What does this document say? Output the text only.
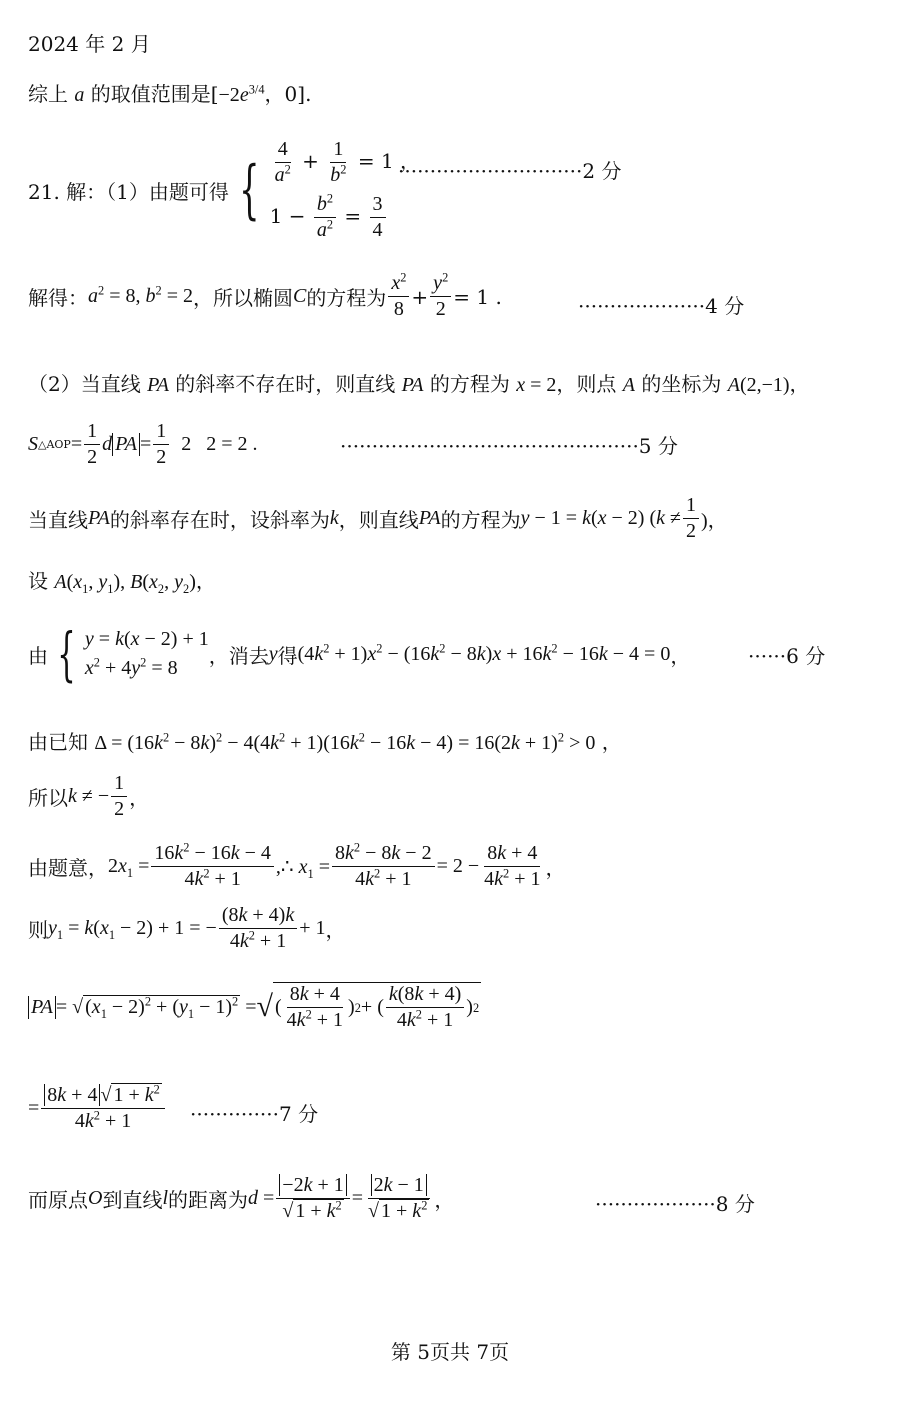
2024 年 2 月
综上 a 的取值范围是[$-2e^{3/4}$，0].
21. 解：（1）由题可得 { $\frac{4}{a^2} + \frac{1}{b^2} = 1$ ，
$1 - \frac{b^2}{a^2} = \frac{3}{4}$
·····························2 分
解得： $a^2 = 8$, $b^2 = 2$ ，所以椭圆 C 的方程为 $\frac{x^2}{8} + \frac{y^2}{2} = 1$ .	····················4 分
（2）当直线 PA 的斜率不存在时，则直线 PA 的方程为 x = 2，则点 A 的坐标为 A(2,−1)，
S △AOP = $\frac{1}{2}$ d PA = $\frac{1}{2} 2$   2 = 2 .	···············································5 分
当直线 PA 的斜率存在时，设斜率为 k ，则直线 PA 的方程为 y − 1 = k(x − 2) ($k \ne \frac{1}{2}$ )，
设 $A(x_1$, $y_1$), $B(x_2$, $y_2$)，
由 { y = k(x − 2) + 1
$x^2 + 4y^2 = 8$
，消去 y 得 $(4k^2 + 1)x^2 - (16k^2 - 8k)x + 16k^2 - 16k - 4 = 0$ ，	······6 分
由已知 $\Delta = (16k^2 - 8k)^2 - 4(4k^2 + 1)(16k^2 - 16k - 4) = 16(2k + 1)^2 > 0$ ，
所以 k ≠ − $\frac{1}{2}$ ，
由题意， $2x_1 = \frac{16k^2 - 16k - 4}{4k^2 + 1}$ ,∴ $x_1 = \frac{8k^2 - 8k - 2}{4k^2 + 1} = 2 - \frac{8k + 4}{4k^2 + 1}$ ，
则 $y_1 = k(x_1 - 2) + 1$ = − $\frac{(8k + 4)k}{4k^2 + 1} + 1$ ，
PA = √ $(x_1 - 2)^2 + (y_1 - 1)^2$ = √ ( $\frac{8k + 4}{4k^2 + 1}$ ) 2 + ( $\frac{k(8k + 4)}{4k^2 + 1}$ ) 2
= $\frac{8k + 4 √ 1 + k^2}{4k^2 + 1} \cdot\cdot\cdot\cdot\cdot\cdot\cdot\cdot\cdot\cdot\cdot\cdot\cdot\cdot 7$ 分
而原点 O 到直线 l 的距离为 $d = \frac{-2k + 1}{√ 1 + k^2} = \frac{2k - 1}{√ 1 + k^2}$ ，	···················8 分
第 5页共 7页
